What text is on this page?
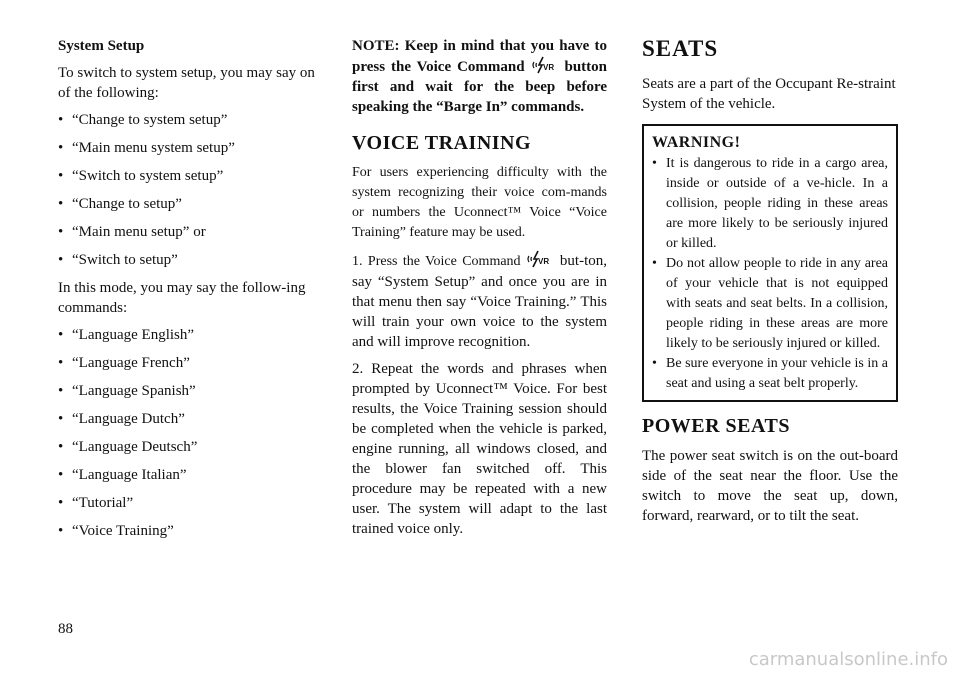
System Setup

To switch to system setup, you may say on of the following:

• “Change to system setup”
• “Main menu system setup”
• “Switch to system setup”
• “Change to setup”
• “Main menu setup” or
• “Switch to setup”

In this mode, you may say the follow-ing commands:

• “Language English”
• “Language French”
• “Language Spanish”
• “Language Dutch”
• “Language Deutsch”
• “Language Italian”
• “Tutorial”
• “Voice Training”

NOTE: Keep in mind that you have to press the Voice Command VR button first and wait for the beep before speaking the “Barge In” commands.

VOICE TRAINING

For users experiencing difficulty with the system recognizing their voice com-mands or numbers the Uconnect™ Voice “Voice Training” feature may be used.

1. Press the Voice Command VR but-ton, say “System Setup” and once you are in that menu then say “Voice Training.” This will train your own voice to the system and will improve recognition.

2. Repeat the words and phrases when prompted by Uconnect™ Voice. For best results, the Voice Training session should be completed when the vehicle is parked, engine running, all windows closed, and the blower fan switched off. This procedure may be repeated with a new user. The system will adapt to the last trained voice only.

SEATS

Seats are a part of the Occupant Re-straint System of the vehicle.

WARNING!
• It is dangerous to ride in a cargo area, inside or outside of a ve-hicle. In a collision, people riding in these areas are more likely to be seriously injured or killed.
• Do not allow people to ride in any area of your vehicle that is not equipped with seats and seat belts. In a collision, people riding in these areas are more likely to be seriously injured or killed.
• Be sure everyone in your vehicle is in a seat and using a seat belt properly.
POWER SEATS

The power seat switch is on the out-board side of the seat near the floor. Use the switch to move the seat up, down, forward, rearward, or to tilt the seat.

88
carmanualsonline.info
